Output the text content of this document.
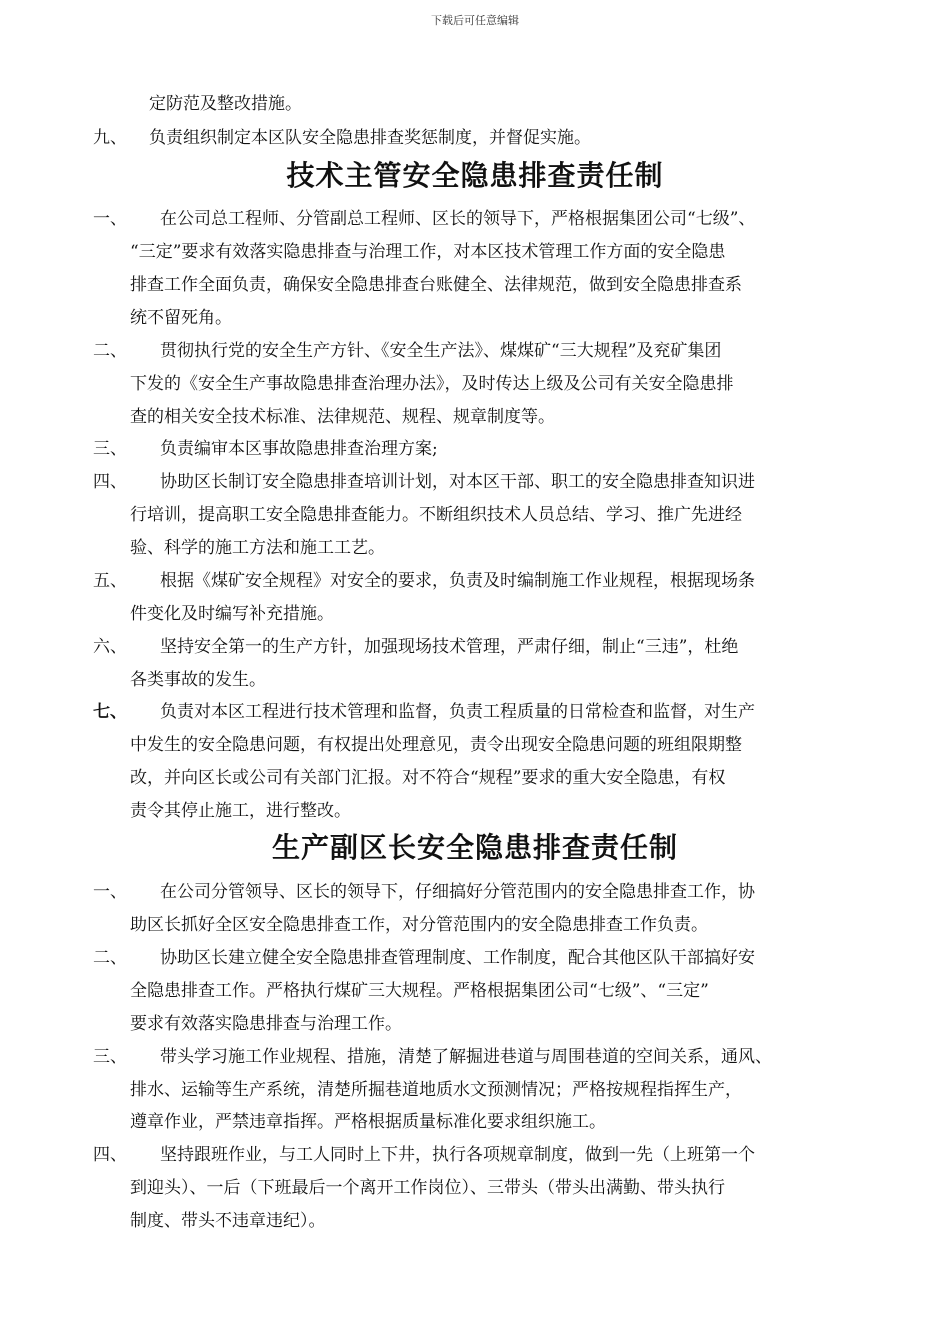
下载后可任意编辑
定防范及整改措施。
九、 负责组织制定本区队安全隐患排查奖惩制度，并督促实施。
技术主管安全隐患排查责任制
一、 在公司总工程师、分管副总工程师、区长的领导下，严格根据集团公司“七级”、
“三定”要求有效落实隐患排查与治理工作，对本区技术管理工作方面的安全隐患
排查工作全面负责，确保安全隐患排查台账健全、法律规范，做到安全隐患排查系
统不留死角。
二、 贯彻执行党的安全生产方针、《安全生产法》、煤煤矿“三大规程”及兖矿集团
下发的《安全生产事故隐患排查治理办法》，及时传达上级及公司有关安全隐患排
查的相关安全技术标准、法律规范、规程、规章制度等。
三、 负责编审本区事故隐患排查治理方案;
四、 协助区长制订安全隐患排查培训计划，对本区干部、职工的安全隐患排查知识进
行培训，提高职工安全隐患排查能力。不断组织技术人员总结、学习、推广先进经
验、科学的施工方法和施工工艺。
五、 根据《煤矿安全规程》对安全的要求，负责及时编制施工作业规程，根据现场条
件变化及时编写补充措施。
六、 坚持安全第一的生产方针，加强现场技术管理，严肃仔细，制止“三违”，杜绝
各类事故的发生。
七、 负责对本区工程进行技术管理和监督，负责工程质量的日常检查和监督，对生产
中发生的安全隐患问题，有权提出处理意见，责令出现安全隐患问题的班组限期整
改，并向区长或公司有关部门汇报。对不符合“规程”要求的重大安全隐患，有权
责令其停止施工，进行整改。
生产副区长安全隐患排查责任制
一、 在公司分管领导、区长的领导下，仔细搞好分管范围内的安全隐患排查工作，协
助区长抓好全区安全隐患排查工作，对分管范围内的安全隐患排查工作负责。
二、 协助区长建立健全安全隐患排查管理制度、工作制度，配合其他区队干部搞好安
全隐患排查工作。严格执行煤矿三大规程。严格根据集团公司“七级”、“三定”
要求有效落实隐患排查与治理工作。
三、 带头学习施工作业规程、措施，清楚了解掘进巷道与周围巷道的空间关系，通风、
排水、运输等生产系统，清楚所掘巷道地质水文预测情况；严格按规程指挥生产，
遵章作业，严禁违章指挥。严格根据质量标准化要求组织施工。
四、 坚持跟班作业，与工人同时上下井，执行各项规章制度，做到一先（上班第一个
到迎头）、一后（下班最后一个离开工作岗位）、三带头（带头出满勤、带头执行
制度、带头不违章违纪）。
